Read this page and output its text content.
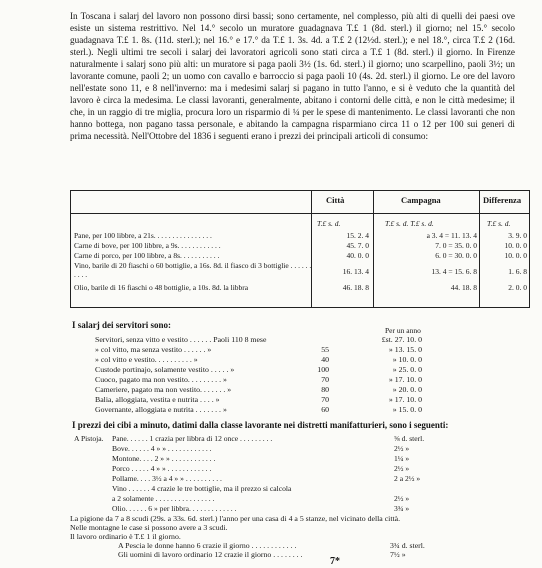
In Toscana i salarj del lavoro non possono dirsi bassi; sono certamente, nel complesso, più alti di quelli dei paesi ove esiste un sistema restrittivo. Nel 14.° secolo un muratore guadagnava T.£ 1 (8d. sterl.) il giorno; nel 15.° secolo guadagnava T.£ 1. 8s. (11d. sterl.); nel 16.° e 17.° da T.£ 1. 3s. 4d. a T.£ 2 (12½d. sterl.); e nel 18.°, circa T.£ 2 (16d. sterl.). Negli ultimi tre secoli i salarj dei lavoratori agricoli sono stati circa a T.£ 1 (8d. sterl.) il giorno. In Firenze naturalmente i salarj sono più alti: un muratore si paga paoli 3½ (1s. 6d. sterl.) il giorno; uno scarpellino, paoli 3½; un lavorante comune, paoli 2; un uomo con cavallo e barroccio si paga paoli 10 (4s. 2d. sterl.) il giorno. Le ore del lavoro nell'estate sono 11, e 8 nell'inverno: ma i medesimi salarj si pagano in tutto l'anno, e si è veduto che la quantità del lavoro è circa la medesima. Le classi lavoranti, generalmente, abitano i contorni delle città, e non le città medesime; il che, in un raggio di tre miglia, procura loro un risparmio di ¼ per le spese di mantenimento. Le classi lavoranti che non hanno bottega, non pagano tassa personale, e abitando la campagna risparmiano circa 11 o 12 per 100 sui generi di prima necessità. Nell'Ottobre del 1836 i seguenti erano i prezzi dei principali articoli di consumo:

Città	Campagna	Differenza
T.£ s. d.	T.£ s. d. T.£ s. d.	T.£ s. d.
Pane, per 100 libbre, a 21s. . . . . . . . . . . . . . . .	15. 2. 4	a 3. 4 = 11. 13. 4	3. 9. 0
Carne di bove, per 100 libbre, a 9s. . . . . . . . . . . .	45. 7. 0	7. 0 = 35. 0. 0	10. 0. 0
Carne di porco, per 100 libbre, a 8s. . . . . . . . . . .	40. 0. 0	6. 0 = 30. 0. 0	10. 0. 0
Vino, barile di 20 fiaschi o 60 bottiglie, a 16s. 8d. il fiasco di 3 bottiglie . . . . . . . . . .	16. 13. 4	13. 4 = 15. 6. 8	1. 6. 8
Olio, barile di 16 fiaschi o 48 bottiglie, a 10s. 8d. la libbra	46. 18. 8	44. 18. 8	2. 0. 0
I salarj dei servitori sono:
Per un anno
Servitori, senza vitto e vestito . . . . . . Paoli 110 8 mese	£st. 27. 10. 0
» col vitto, ma senza vestito . . . . . . »	55	» 13. 15. 0
» col vitto e vestito. . . . . . . . . . »	40	» 10. 0. 0
Custode portinajo, solamente vestito . . . . . »	100	» 25. 0. 0
Cuoco, pagato ma non vestito. . . . . . . . . »	70	» 17. 10. 0
Cameriere, pagato ma non vestito. . . . . . . »	80	» 20. 0. 0
Balia, alloggiata, vestita e nutrita . . . . »	70	» 17. 10. 0
Governante, alloggiata e nutrita . . . . . . . »	60	» 15. 0. 0
I prezzi dei cibi a minuto, datimi dalla classe lavorante nei distretti manifatturieri, sono i seguenti:
A Pistoja. Pane. . . . . . 1 crazia per libbra di 12 once . . . . . . . . .	⅝ d. sterl.
Bove. . . . . . 4 » » . . . . . . . . . . . .	2½ »
Montone. . . . 2 » » . . . . . . . . . . . .	1¼ »
Porco . . . . . 4 » » . . . . . . . . . . . .	2½ »
Pollame. . . . 3½ a 4 » » . . . . . . . . . .	2 a 2½ »
Vino . . . . . . 4 crazie le tre bottiglie, ma il prezzo si calcola
a 2 solamente . . . . . . . . . . . . . . . .	2½ »
Olio. . . . . . 6 » per libbra. . . . . . . . . . . . .	3¾ »
La pigione da 7 a 8 scudi (29s. a 33s. 6d. sterl.) l'anno per una casa di 4 a 5 stanze, nel vicinato della città.
Nelle montagne le case si possono avere a 3 scudi.
Il lavoro ordinario è T.£ 1 il giorno.
A Pescia le donne hanno 6 crazie il giorno . . . . . . . . . . . .	3¾ d. sterl.
Gli uomini di lavoro ordinario 12 crazie il giorno . . . . . . . .	7½ »
7*
